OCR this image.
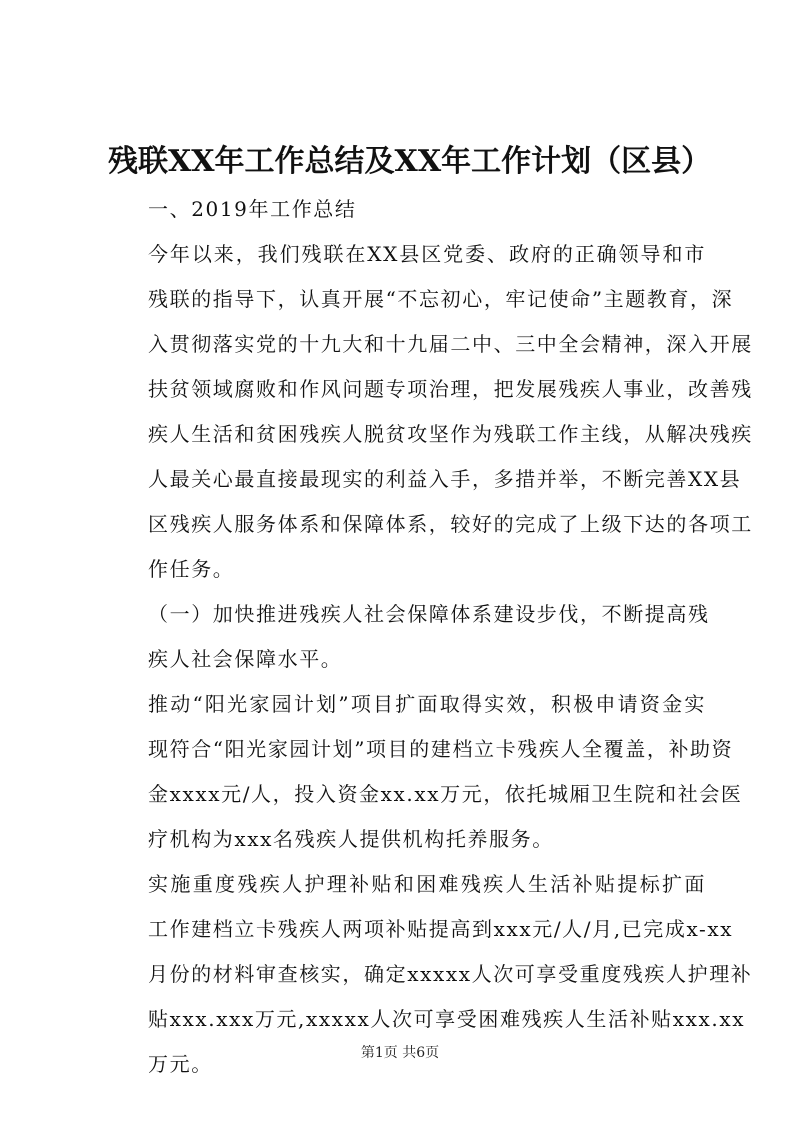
残联XX年工作总结及XX年工作计划（区县）

一、2019年工作总结

今年以来，我们残联在XX县区党委、政府的正确领导和市
残联的指导下，认真开展“不忘初心，牢记使命”主题教育，深
入贯彻落实党的十九大和十九届二中、三中全会精神，深入开展
扶贫领域腐败和作风问题专项治理，把发展残疾人事业，改善残
疾人生活和贫困残疾人脱贫攻坚作为残联工作主线，从解决残疾
人最关心最直接最现实的利益入手，多措并举，不断完善XX县
区残疾人服务体系和保障体系，较好的完成了上级下达的各项工
作任务。

（一）加快推进残疾人社会保障体系建设步伐，不断提高残
疾人社会保障水平。

推动“阳光家园计划”项目扩面取得实效，积极申请资金实
现符合“阳光家园计划”项目的建档立卡残疾人全覆盖，补助资
金xxxx元/人，投入资金xx.xx万元，依托城厢卫生院和社会医
疗机构为xxx名残疾人提供机构托养服务。

实施重度残疾人护理补贴和困难残疾人生活补贴提标扩面
工作建档立卡残疾人两项补贴提高到xxx元/人/月,已完成x-xx
月份的材料审查核实，确定xxxxx人次可享受重度残疾人护理补
贴xxx.xxx万元,xxxxx人次可享受困难残疾人生活补贴xxx.xx
万元。	第1页 共6页
